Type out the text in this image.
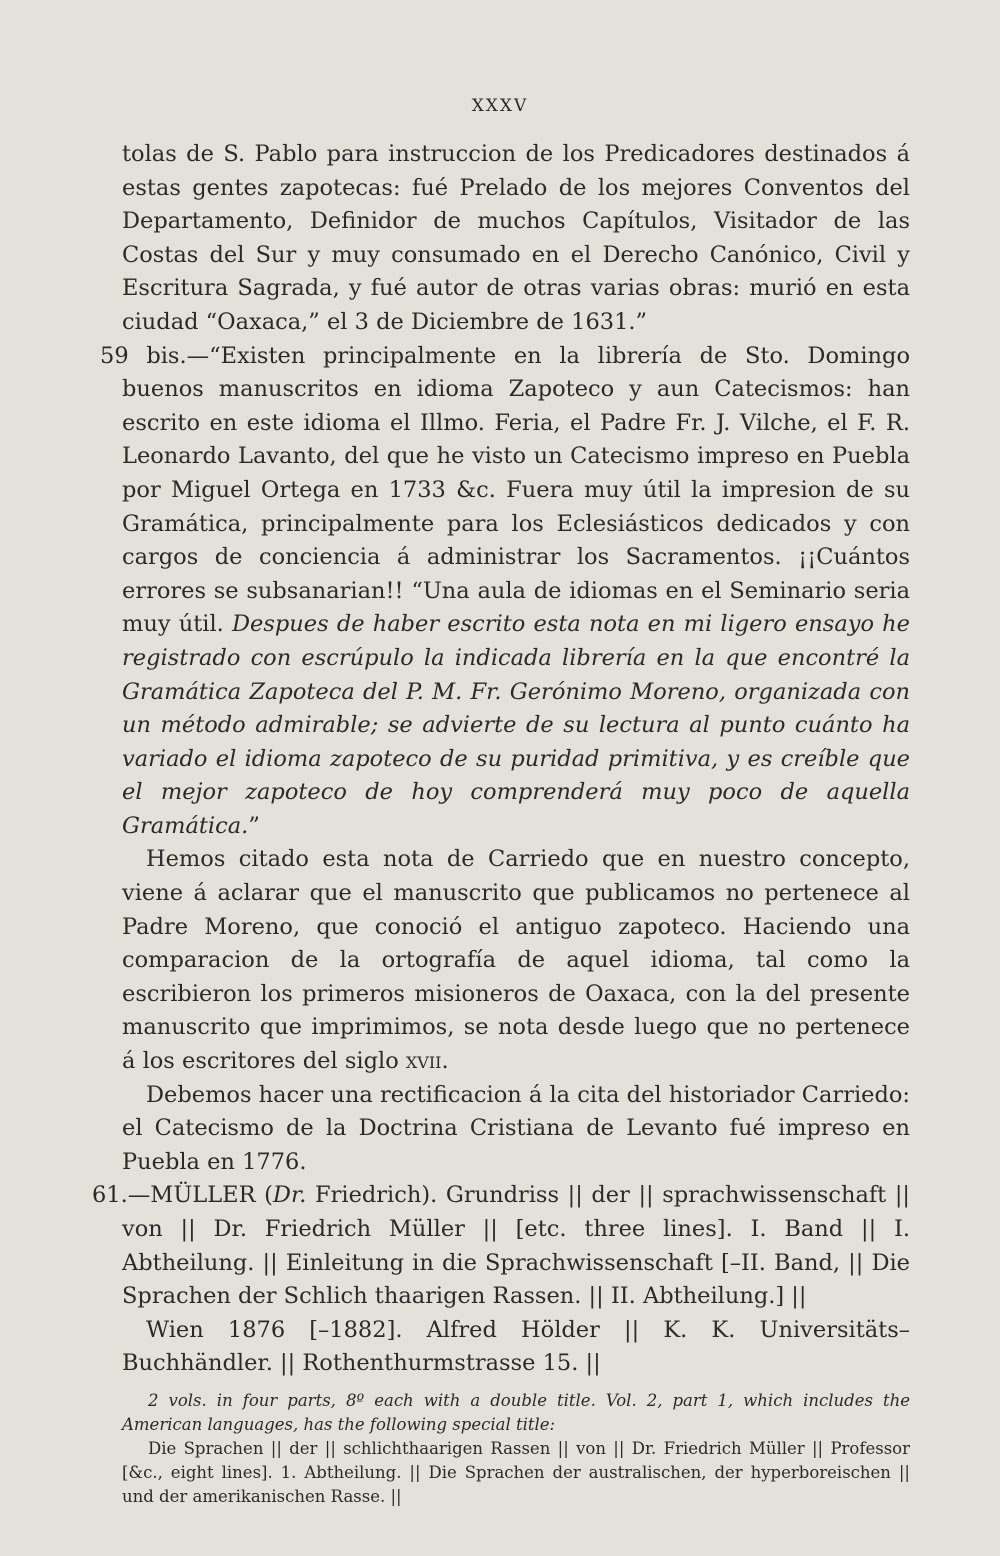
XXXV

tolas de S. Pablo para instruccion de los Predicadores destinados á estas gentes zapotecas: fué Prelado de los mejores Conventos del Departamento, Definidor de muchos Capítulos, Visitador de las Costas del Sur y muy consumado en el Derecho Canónico, Civil y Escritura Sagrada, y fué autor de otras varias obras: murió en esta ciudad “Oaxaca,” el 3 de Diciembre de 1631.”

59 bis.—“Existen principalmente en la librería de Sto. Domingo buenos manuscritos en idioma Zapoteco y aun Catecismos: han escrito en este idioma el Illmo. Feria, el Padre Fr. J. Vilche, el F. R. Leonardo Lavanto, del que he visto un Catecismo impreso en Puebla por Miguel Ortega en 1733 &c. Fuera muy útil la impresion de su Gramática, principalmente para los Eclesiásticos dedicados y con cargos de conciencia á administrar los Sacramentos. ¡¡Cuántos errores se subsanarian!! “Una aula de idiomas en el Seminario seria muy útil. Despues de haber escrito esta nota en mi ligero ensayo he registrado con escrúpulo la indicada librería en la que encontré la Gramática Zapoteca del P. M. Fr. Gerónimo Moreno, organizada con un método admirable; se advierte de su lectura al punto cuánto ha variado el idioma zapoteco de su puridad primitiva, y es creíble que el mejor zapoteco de hoy comprenderá muy poco de aquella Gramática.”

Hemos citado esta nota de Carriedo que en nuestro concepto, viene á aclarar que el manuscrito que publicamos no pertenece al Padre Moreno, que conoció el antiguo zapoteco. Haciendo una comparacion de la ortografía de aquel idioma, tal como la escribieron los primeros misioneros de Oaxaca, con la del presente manuscrito que imprimimos, se nota desde luego que no pertenece á los escritores del siglo xvii.

Debemos hacer una rectificacion á la cita del historiador Carriedo: el Catecismo de la Doctrina Cristiana de Levanto fué impreso en Puebla en 1776.

61.—MÜLLER (Dr. Friedrich). Grundriss || der || sprachwissenschaft || von || Dr. Friedrich Müller || [etc. three lines]. I. Band || I. Abtheilung. || Einleitung in die Sprachwissenschaft [–II. Band, || Die Sprachen der Schlich thaarigen Rassen. || II. Abtheilung.] ||

Wien 1876 [–1882]. Alfred Hölder || K. K. Universitäts–Buchhändler. || Rothenthurmstrasse 15. ||

2 vols. in four parts, 8º each with a double title. Vol. 2, part 1, which includes the American languages, has the following special title:

Die Sprachen || der || schlichthaarigen Rassen || von || Dr. Friedrich Müller || Professor [&c., eight lines]. 1. Abtheilung. || Die Sprachen der australischen, der hyperboreischen || und der amerikanischen Rasse. ||
